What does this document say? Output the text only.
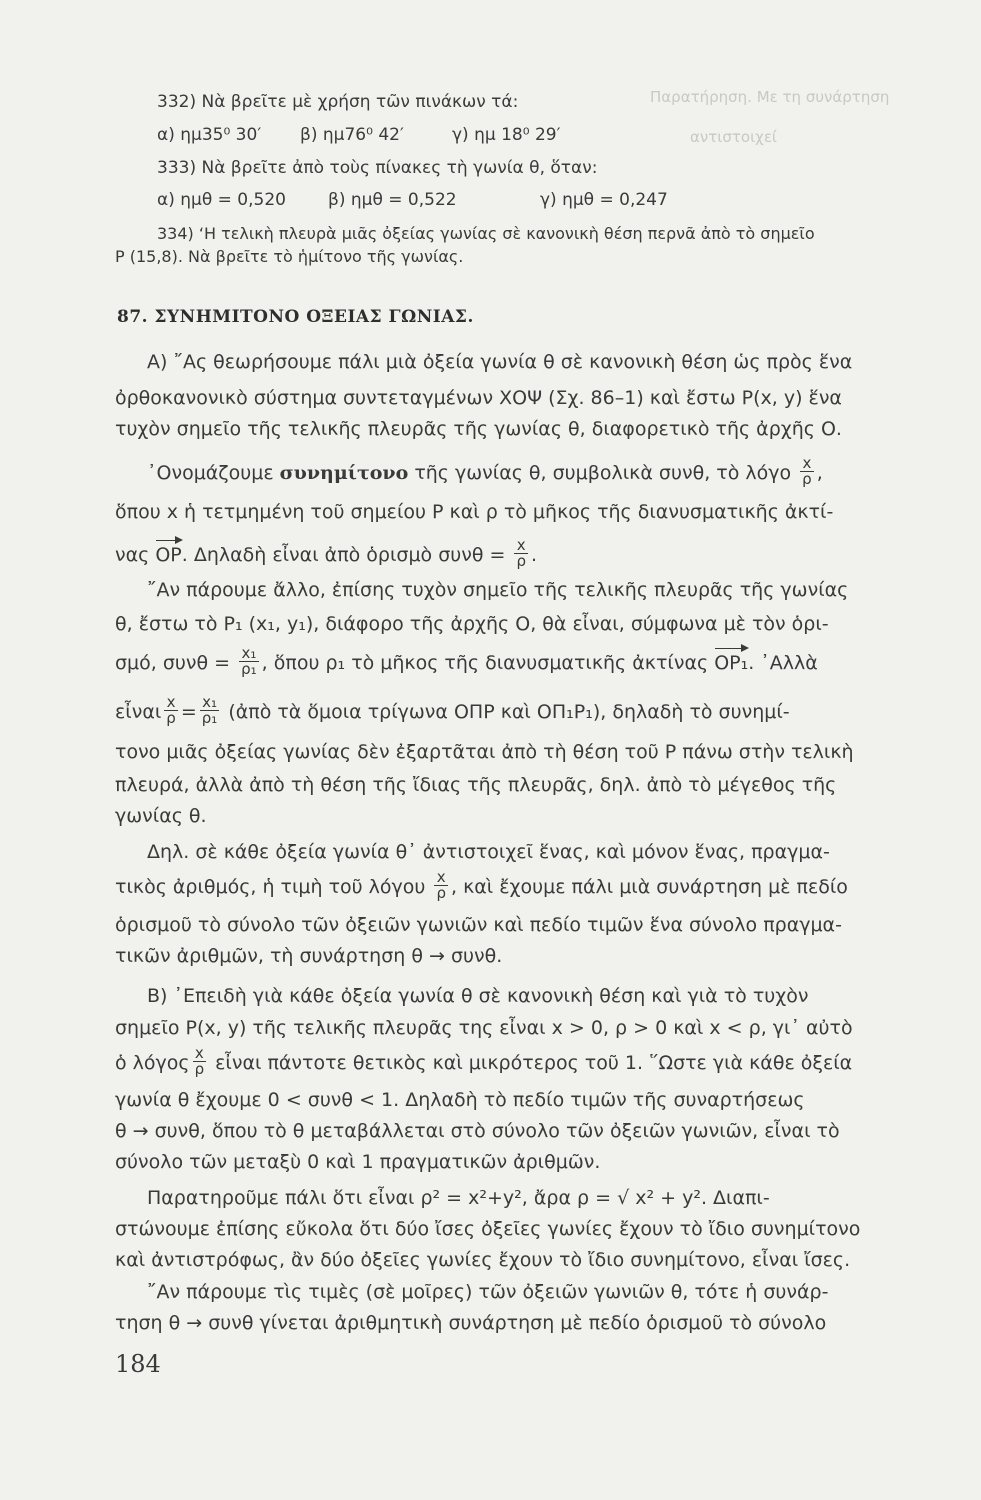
Παρατήρηση. Με τη συνάρτηση
αντιστοιχεί
332) Νὰ βρεῖτε μὲ χρήση τῶν πινάκων τά:
α) ημ35⁰ 30′ β) ημ76⁰ 42′	γ) ημ 18⁰ 29′
333) Νὰ βρεῖτε ἀπὸ τοὺς πίνακες τὴ γωνία θ, ὅταν:
α) ημθ = 0,520 β) ημθ = 0,522	γ) ημθ = 0,247
334) ‘Η τελικὴ πλευρὰ μιᾶς ὀξείας γωνίας σὲ κανονικὴ θέση περνᾶ ἀπὸ τὸ σημεῖο
Ρ (15,8). Νὰ βρεῖτε τὸ ἡμίτονο τῆς γωνίας.
87. ΣΥΝΗΜΙΤΟΝΟ ΟΞΕΙΑΣ ΓΩΝΙΑΣ.
Α) ῎Ας θεωρήσουμε πάλι μιὰ ὀξεία γωνία θ σὲ κανονικὴ θέση ὡς πρὸς ἕνα
ὀρθοκανονικὸ σύστημα συντεταγμένων ΧΟΨ (Σχ. 86–1) καὶ ἔστω Ρ(x, y) ἕνα
τυχὸν σημεῖο τῆς τελικῆς πλευρᾶς τῆς γωνίας θ, διαφορετικὸ τῆς ἀρχῆς Ο.
᾿Ονομάζουμε συνημίτονο τῆς γωνίας θ, συμβολικὰ συνθ, τὸ λόγο $\frac{x}{\rho}$ ,
ὅπου x ἡ τετμημένη τοῦ σημείου Ρ καὶ ρ τὸ μῆκος τῆς διανυσματικῆς ἀκτί-
νας ΟΡ. Δηλαδὴ εἶναι ἀπὸ ὁρισμὸ $\sigma\upsilon\nu\theta = \frac{x}{\rho}$ .
῎Αν πάρουμε ἄλλο, ἐπίσης τυχὸν σημεῖο τῆς τελικῆς πλευρᾶς τῆς γωνίας
θ, ἔστω τὸ Ρ₁ (x₁, y₁), διάφορο τῆς ἀρχῆς Ο, θὰ εἶναι, σύμφωνα μὲ τὸν ὁρι-
σμό, $\sigma\upsilon\nu\theta = \frac{\text{x₁}}{\text{ρ₁}}$ , ὅπου ρ₁ τὸ μῆκος τῆς διανυσματικῆς ἀκτίνας ΟΡ₁. ᾿Αλλὰ
εἶναι $\frac{x}{\rho} = \frac{\text{x₁}}{\text{ρ₁}}$ (ἀπὸ τὰ ὅμοια τρίγωνα ΟΠΡ καὶ ΟΠ₁Ρ₁), δηλαδὴ τὸ συνημί-
τονο μιᾶς ὀξείας γωνίας δὲν ἐξαρτᾶται ἀπὸ τὴ θέση τοῦ Ρ πάνω στὴν τελικὴ
πλευρά, ἀλλὰ ἀπὸ τὴ θέση τῆς ἴδιας τῆς πλευρᾶς, δηλ. ἀπὸ τὸ μέγεθος τῆς
γωνίας θ.
Δηλ. σὲ κάθε ὀξεία γωνία θ᾿ ἀντιστοιχεῖ ἕνας, καὶ μόνον ἕνας, πραγμα-
τικὸς ἀριθμός, ἡ τιμὴ τοῦ λόγου $\frac{x}{\rho}$ , καὶ ἔχουμε πάλι μιὰ συνάρτηση μὲ πεδίο
ὁρισμοῦ τὸ σύνολο τῶν ὀξειῶν γωνιῶν καὶ πεδίο τιμῶν ἕνα σύνολο πραγμα-
τικῶν ἀριθμῶν, τὴ συνάρτηση θ → συνθ.
Β) ᾿Επειδὴ γιὰ κάθε ὀξεία γωνία θ σὲ κανονικὴ θέση καὶ γιὰ τὸ τυχὸν
σημεῖο Ρ(x, y) τῆς τελικῆς πλευρᾶς της εἶναι x > 0, ρ > 0 καὶ x < ρ, γι᾿ αὐτὸ
ὁ λόγος $\frac{x}{\rho}$ εἶναι πάντοτε θετικὸς καὶ μικρότερος τοῦ 1. ῞Ωστε γιὰ κάθε ὀξεία
γωνία θ ἔχουμε 0 < συνθ < 1. Δηλαδὴ τὸ πεδίο τιμῶν τῆς συναρτήσεως
θ → συνθ, ὅπου τὸ θ μεταβάλλεται στὸ σύνολο τῶν ὀξειῶν γωνιῶν, εἶναι τὸ
σύνολο τῶν μεταξὺ 0 καὶ 1 πραγματικῶν ἀριθμῶν.
Παρατηροῦμε πάλι ὅτι εἶναι ρ² = x²+y², ἄρα ρ = √ x² + y². Διαπι-
στώνουμε ἐπίσης εὔκολα ὅτι δύο ἴσες ὀξεῖες γωνίες ἔχουν τὸ ἴδιο συνημίτονο
καὶ ἀντιστρόφως, ἂν δύο ὀξεῖες γωνίες ἔχουν τὸ ἴδιο συνημίτονο, εἶναι ἴσες.
῎Αν πάρουμε τὶς τιμὲς (σὲ μοῖρες) τῶν ὀξειῶν γωνιῶν θ, τότε ἡ συνάρ-
τηση θ → συνθ γίνεται ἀριθμητικὴ συνάρτηση μὲ πεδίο ὁρισμοῦ τὸ σύνολο
184
